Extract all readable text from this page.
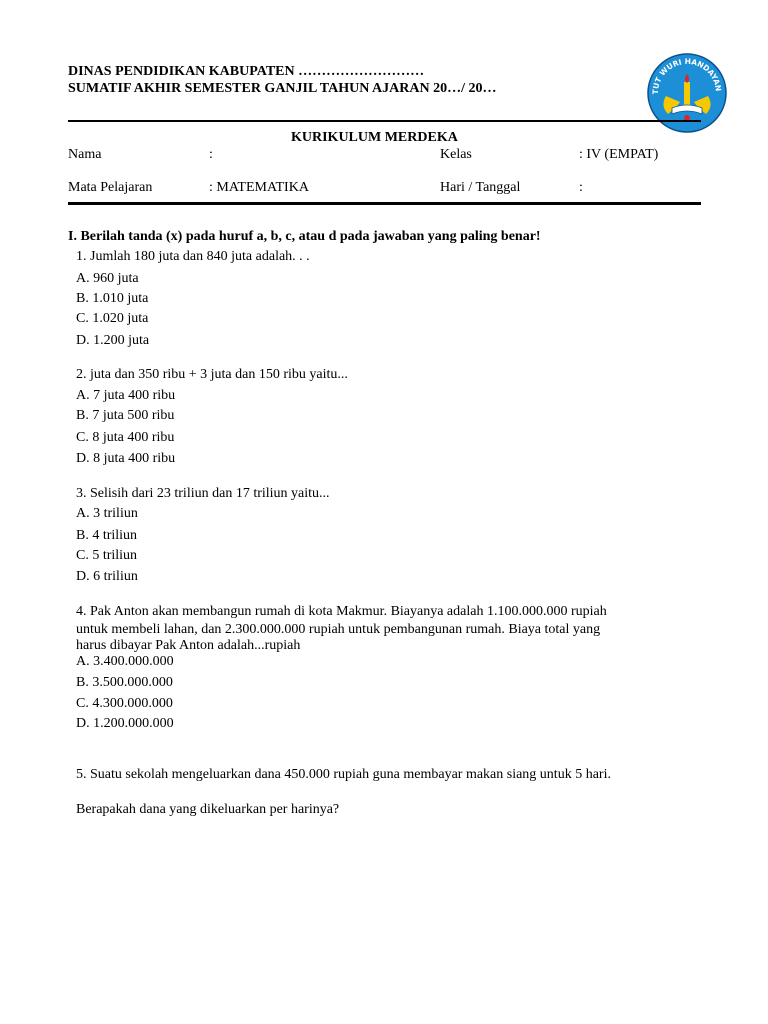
DINAS PENDIDIKAN KABUPATEN ………………………
SUMATIF AKHIR SEMESTER GANJIL TAHUN AJARAN 20…/ 20…	TUT WURI HANDAYAN
KURIKULUM MERDEKA
Nama	:	Kelas	: IV (EMPAT)
Mata Pelajaran	: MATEMATIKA	Hari / Tanggal	:
I. Berilah tanda (x) pada huruf a, b, c, atau d pada jawaban yang paling benar!
1. Jumlah 180 juta dan 840 juta adalah. . .
A. 960 juta
B. 1.010 juta
C. 1.020 juta
D. 1.200 juta
2. juta dan 350 ribu + 3 juta dan 150 ribu yaitu...
A. 7 juta 400 ribu
B. 7 juta 500 ribu
C. 8 juta 400 ribu
D. 8 juta 400 ribu
3. Selisih dari 23 triliun dan 17 triliun yaitu...
A. 3 triliun
B. 4 triliun
C. 5 triliun
D. 6 triliun
4. Pak Anton akan membangun rumah di kota Makmur. Biayanya adalah 1.100.000.000 rupiah
untuk membeli lahan, dan 2.300.000.000 rupiah untuk pembangunan rumah. Biaya total yang
harus dibayar Pak Anton adalah...rupiah
A. 3.400.000.000
B. 3.500.000.000
C. 4.300.000.000
D. 1.200.000.000
5. Suatu sekolah mengeluarkan dana 450.000 rupiah guna membayar makan siang untuk 5 hari.
Berapakah dana yang dikeluarkan per harinya?
